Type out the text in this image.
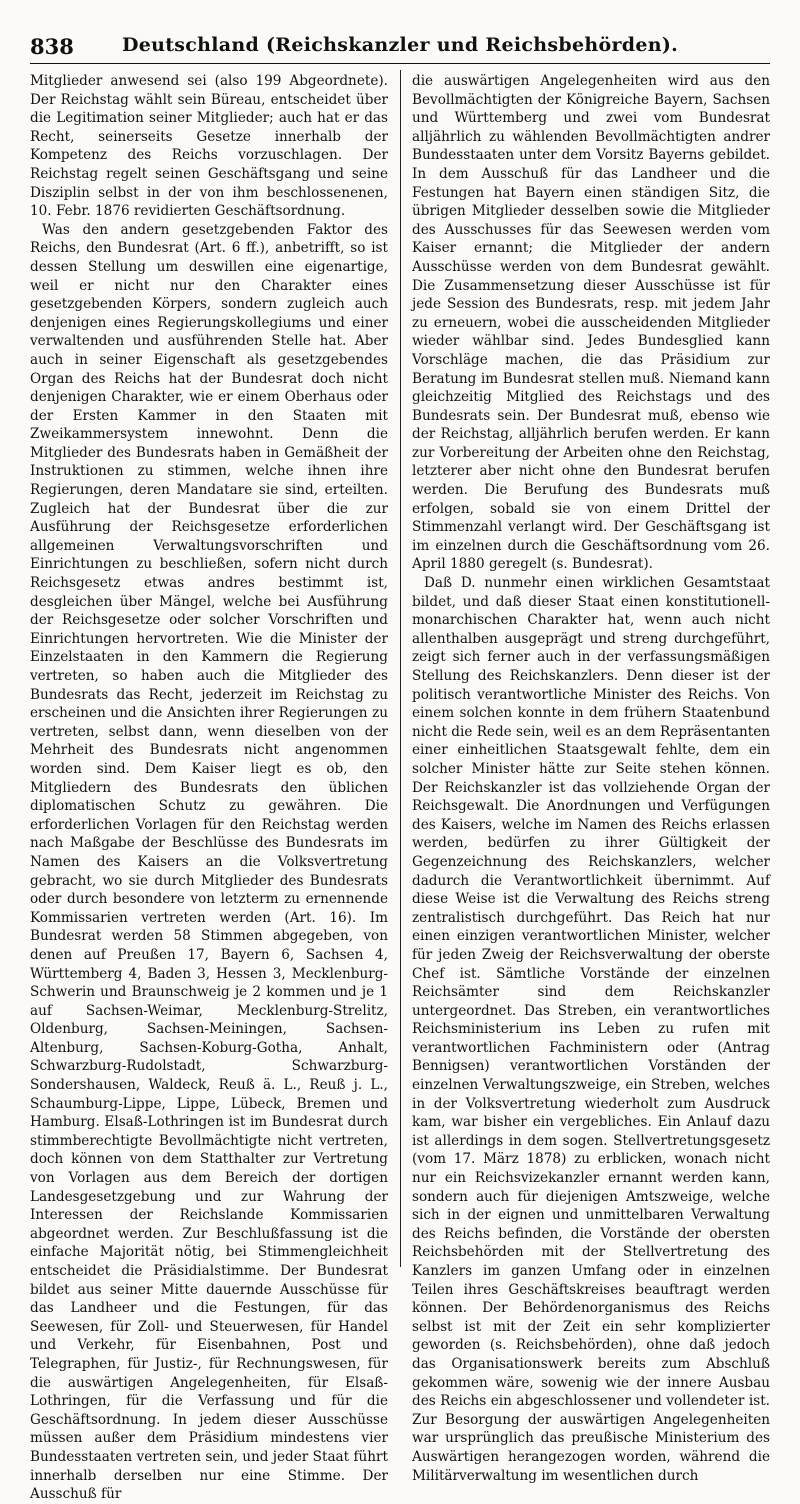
838	Deutschland (Reichskanzler und Reichsbehörden).

Mitglieder anwesend sei (also 199 Abgeordnete). Der Reichstag wählt sein Büreau, entscheidet über die Legitimation seiner Mitglieder; auch hat er das Recht, seinerseits Gesetze innerhalb der Kompetenz des Reichs vorzuschlagen. Der Reichstag regelt seinen Geschäftsgang und seine Disziplin selbst in der von ihm beschlossenenen, 10. Febr. 1876 revidierten Geschäftsordnung.

Was den andern gesetzgebenden Faktor des Reichs, den Bundesrat (Art. 6 ff.), anbetrifft, so ist dessen Stellung um deswillen eine eigenartige, weil er nicht nur den Charakter eines gesetzgebenden Körpers, sondern zugleich auch denjenigen eines Regierungskollegiums und einer verwaltenden und ausführenden Stelle hat. Aber auch in seiner Eigenschaft als gesetzgebendes Organ des Reichs hat der Bundesrat doch nicht denjenigen Charakter, wie er einem Oberhaus oder der Ersten Kammer in den Staaten mit Zweikammersystem innewohnt. Denn die Mitglieder des Bundesrats haben in Gemäßheit der Instruktionen zu stimmen, welche ihnen ihre Regierungen, deren Mandatare sie sind, erteilten. Zugleich hat der Bundesrat über die zur Ausführung der Reichsgesetze erforderlichen allgemeinen Verwaltungsvorschriften und Einrichtungen zu beschließen, sofern nicht durch Reichsgesetz etwas andres bestimmt ist, desgleichen über Mängel, welche bei Ausführung der Reichsgesetze oder solcher Vorschriften und Einrichtungen hervortreten. Wie die Minister der Einzelstaaten in den Kammern die Regierung vertreten, so haben auch die Mitglieder des Bundesrats das Recht, jederzeit im Reichstag zu erscheinen und die Ansichten ihrer Regierungen zu vertreten, selbst dann, wenn dieselben von der Mehrheit des Bundesrats nicht angenommen worden sind. Dem Kaiser liegt es ob, den Mitgliedern des Bundesrats den üblichen diplomatischen Schutz zu gewähren. Die erforderlichen Vorlagen für den Reichstag werden nach Maßgabe der Beschlüsse des Bundesrats im Namen des Kaisers an die Volksvertretung gebracht, wo sie durch Mitglieder des Bundesrats oder durch besondere von letzterm zu ernennende Kommissarien vertreten werden (Art. 16). Im Bundesrat werden 58 Stimmen abgegeben, von denen auf Preußen 17, Bayern 6, Sachsen 4, Württemberg 4, Baden 3, Hessen 3, Mecklenburg-Schwerin und Braunschweig je 2 kommen und je 1 auf Sachsen-Weimar, Mecklenburg-Strelitz, Oldenburg, Sachsen-Meiningen, Sachsen-Altenburg, Sachsen-Koburg-Gotha, Anhalt, Schwarzburg-Rudolstadt, Schwarzburg-Sondershausen, Waldeck, Reuß ä. L., Reuß j. L., Schaumburg-Lippe, Lippe, Lübeck, Bremen und Hamburg. Elsaß-Lothringen ist im Bundesrat durch stimmberechtigte Bevollmächtigte nicht vertreten, doch können von dem Statthalter zur Vertretung von Vorlagen aus dem Bereich der dortigen Landesgesetzgebung und zur Wahrung der Interessen der Reichslande Kommissarien abgeordnet werden. Zur Beschlußfassung ist die einfache Majorität nötig, bei Stimmengleichheit entscheidet die Präsidialstimme. Der Bundesrat bildet aus seiner Mitte dauernde Ausschüsse für das Landheer und die Festungen, für das Seewesen, für Zoll- und Steuerwesen, für Handel und Verkehr, für Eisenbahnen, Post und Telegraphen, für Justiz-, für Rechnungswesen, für die auswärtigen Angelegenheiten, für Elsaß-Lothringen, für die Verfassung und für die Geschäftsordnung. In jedem dieser Ausschüsse müssen außer dem Präsidium mindestens vier Bundesstaaten vertreten sein, und jeder Staat führt innerhalb derselben nur eine Stimme. Der Ausschuß für

die auswärtigen Angelegenheiten wird aus den Bevollmächtigten der Königreiche Bayern, Sachsen und Württemberg und zwei vom Bundesrat alljährlich zu wählenden Bevollmächtigten andrer Bundesstaaten unter dem Vorsitz Bayerns gebildet. In dem Ausschuß für das Landheer und die Festungen hat Bayern einen ständigen Sitz, die übrigen Mitglieder desselben sowie die Mitglieder des Ausschusses für das Seewesen werden vom Kaiser ernannt; die Mitglieder der andern Ausschüsse werden von dem Bundesrat gewählt. Die Zusammensetzung dieser Ausschüsse ist für jede Session des Bundesrats, resp. mit jedem Jahr zu erneuern, wobei die ausscheidenden Mitglieder wieder wählbar sind. Jedes Bundesglied kann Vorschläge machen, die das Präsidium zur Beratung im Bundesrat stellen muß. Niemand kann gleichzeitig Mitglied des Reichstags und des Bundesrats sein. Der Bundesrat muß, ebenso wie der Reichstag, alljährlich berufen werden. Er kann zur Vorbereitung der Arbeiten ohne den Reichstag, letzterer aber nicht ohne den Bundesrat berufen werden. Die Berufung des Bundesrats muß erfolgen, sobald sie von einem Drittel der Stimmenzahl verlangt wird. Der Geschäftsgang ist im einzelnen durch die Geschäftsordnung vom 26. April 1880 geregelt (s. Bundesrat).

Daß D. nunmehr einen wirklichen Gesamtstaat bildet, und daß dieser Staat einen konstitutionell-monarchischen Charakter hat, wenn auch nicht allenthalben ausgeprägt und streng durchgeführt, zeigt sich ferner auch in der verfassungsmäßigen Stellung des Reichskanzlers. Denn dieser ist der politisch verantwortliche Minister des Reichs. Von einem solchen konnte in dem frühern Staatenbund nicht die Rede sein, weil es an dem Repräsentanten einer einheitlichen Staatsgewalt fehlte, dem ein solcher Minister hätte zur Seite stehen können. Der Reichskanzler ist das vollziehende Organ der Reichsgewalt. Die Anordnungen und Verfügungen des Kaisers, welche im Namen des Reichs erlassen werden, bedürfen zu ihrer Gültigkeit der Gegenzeichnung des Reichskanzlers, welcher dadurch die Verantwortlichkeit übernimmt. Auf diese Weise ist die Verwaltung des Reichs streng zentralistisch durchgeführt. Das Reich hat nur einen einzigen verantwortlichen Minister, welcher für jeden Zweig der Reichsverwaltung der oberste Chef ist. Sämtliche Vorstände der einzelnen Reichsämter sind dem Reichskanzler untergeordnet. Das Streben, ein verantwortliches Reichsministerium ins Leben zu rufen mit verantwortlichen Fachministern oder (Antrag Bennigsen) verantwortlichen Vorständen der einzelnen Verwaltungszweige, ein Streben, welches in der Volksvertretung wiederholt zum Ausdruck kam, war bisher ein vergebliches. Ein Anlauf dazu ist allerdings in dem sogen. Stellvertretungsgesetz (vom 17. März 1878) zu erblicken, wonach nicht nur ein Reichsvizekanzler ernannt werden kann, sondern auch für diejenigen Amtszweige, welche sich in der eignen und unmittelbaren Verwaltung des Reichs befinden, die Vorstände der obersten Reichsbehörden mit der Stellvertretung des Kanzlers im ganzen Umfang oder in einzelnen Teilen ihres Geschäftskreises beauftragt werden können. Der Behördenorganismus des Reichs selbst ist mit der Zeit ein sehr komplizierter geworden (s. Reichsbehörden), ohne daß jedoch das Organisationswerk bereits zum Abschluß gekommen wäre, sowenig wie der innere Ausbau des Reichs ein abgeschlossener und vollendeter ist. Zur Besorgung der auswärtigen Angelegenheiten war ursprünglich das preußische Ministerium des Auswärtigen herangezogen worden, während die Militärverwaltung im wesentlichen durch
